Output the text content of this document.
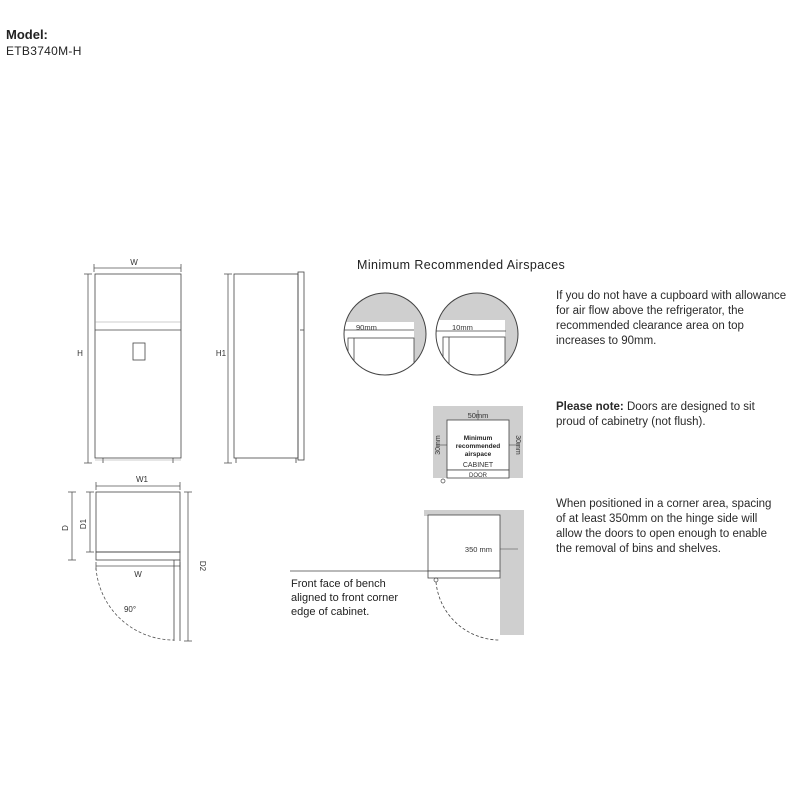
Model:
ETB3740M-H
Minimum Recommended Airspaces
If you do not have a cupboard with allowance for air flow above the refrigerator, the recommended clearance area on top increases to 90mm.
Please note: Doors are designed to sit proud of cabinetry (not flush).
When positioned in a corner area, spacing of at least 350mm on the hinge side will allow the doors to open enough to enable the removal of bins and shelves.
Front face of bench aligned to front corner edge of cabinet.
W
H	H1
W1
W
D D1
D2
90°
90mm	10mm
50mm
30mm	30mm
Minimum
recommended
airspace
CABINET
DOOR
350 mm
